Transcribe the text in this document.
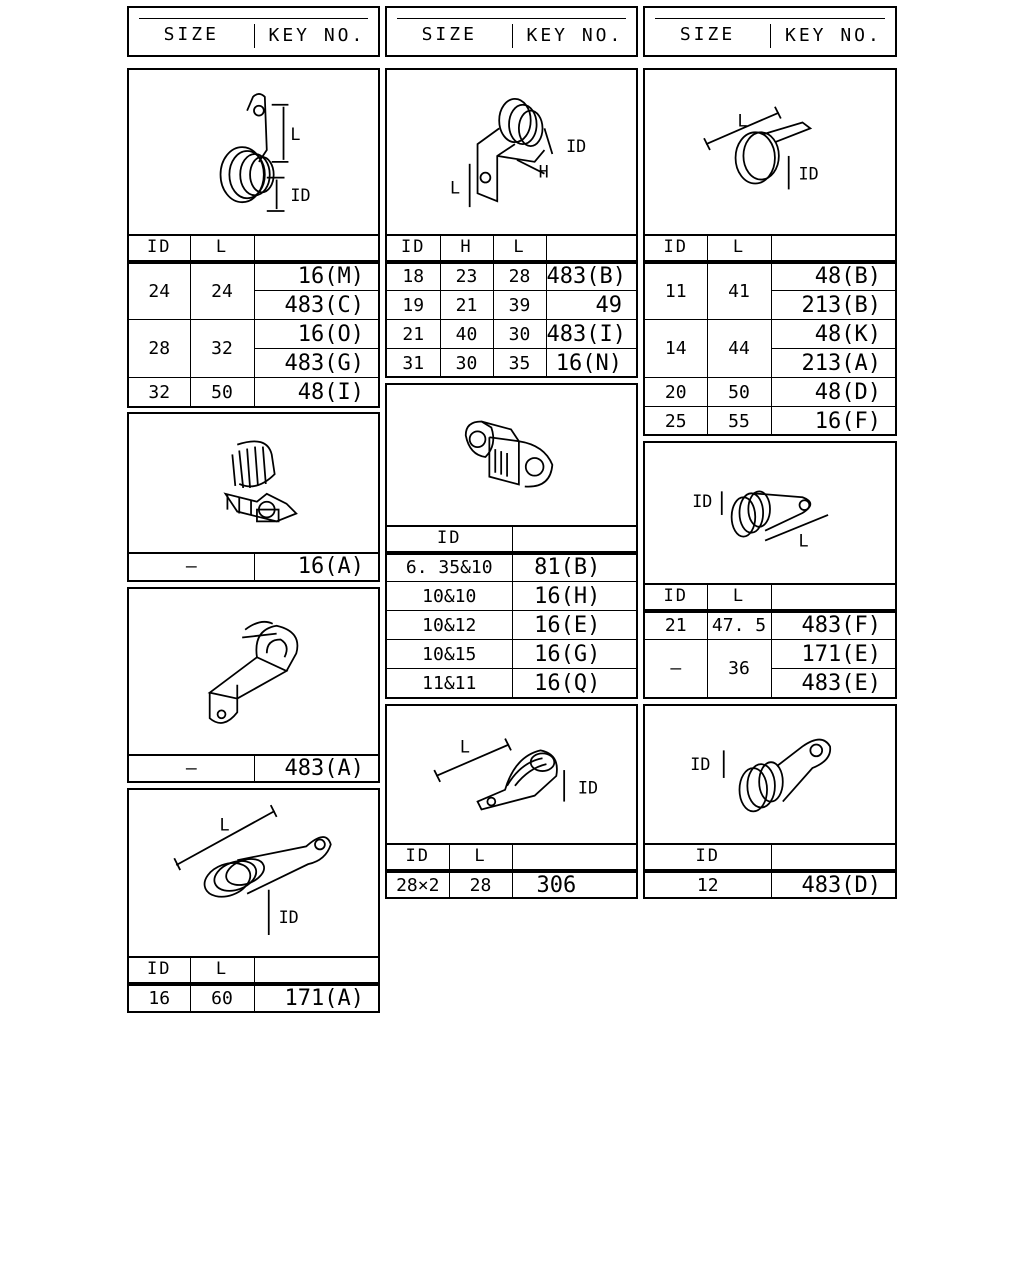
SIZE	KEY NO.	SIZE	KEY NO.	SIZE	KEY NO.
L
ID
ID	L	
24	24	16(M)
		483(C)
28	32	16(O)
		483(G)
32	50	48(I)
—	16(A)
—	483(A)
L
ID
ID	L	
16	60	171(A)
ID
H
L
ID	H	L	
18	23	28	483(B)
19	21	39	49
21	40	30	483(I)
31	30	35	16(N)
ID	
6. 35&10	81(B)
10&10	16(H)
10&12	16(E)
10&15	16(G)
11&11	16(Q)
L
ID
ID	L	
28×2	28	306
L
ID
ID	L	
11	41	48(B)
		213(B)
14	44	48(K)
		213(A)
20	50	48(D)
25	55	16(F)
ID
L
ID	L	
21	47. 5	483(F)
—	36	171(E)
		483(E)
ID
ID	
12	483(D)
